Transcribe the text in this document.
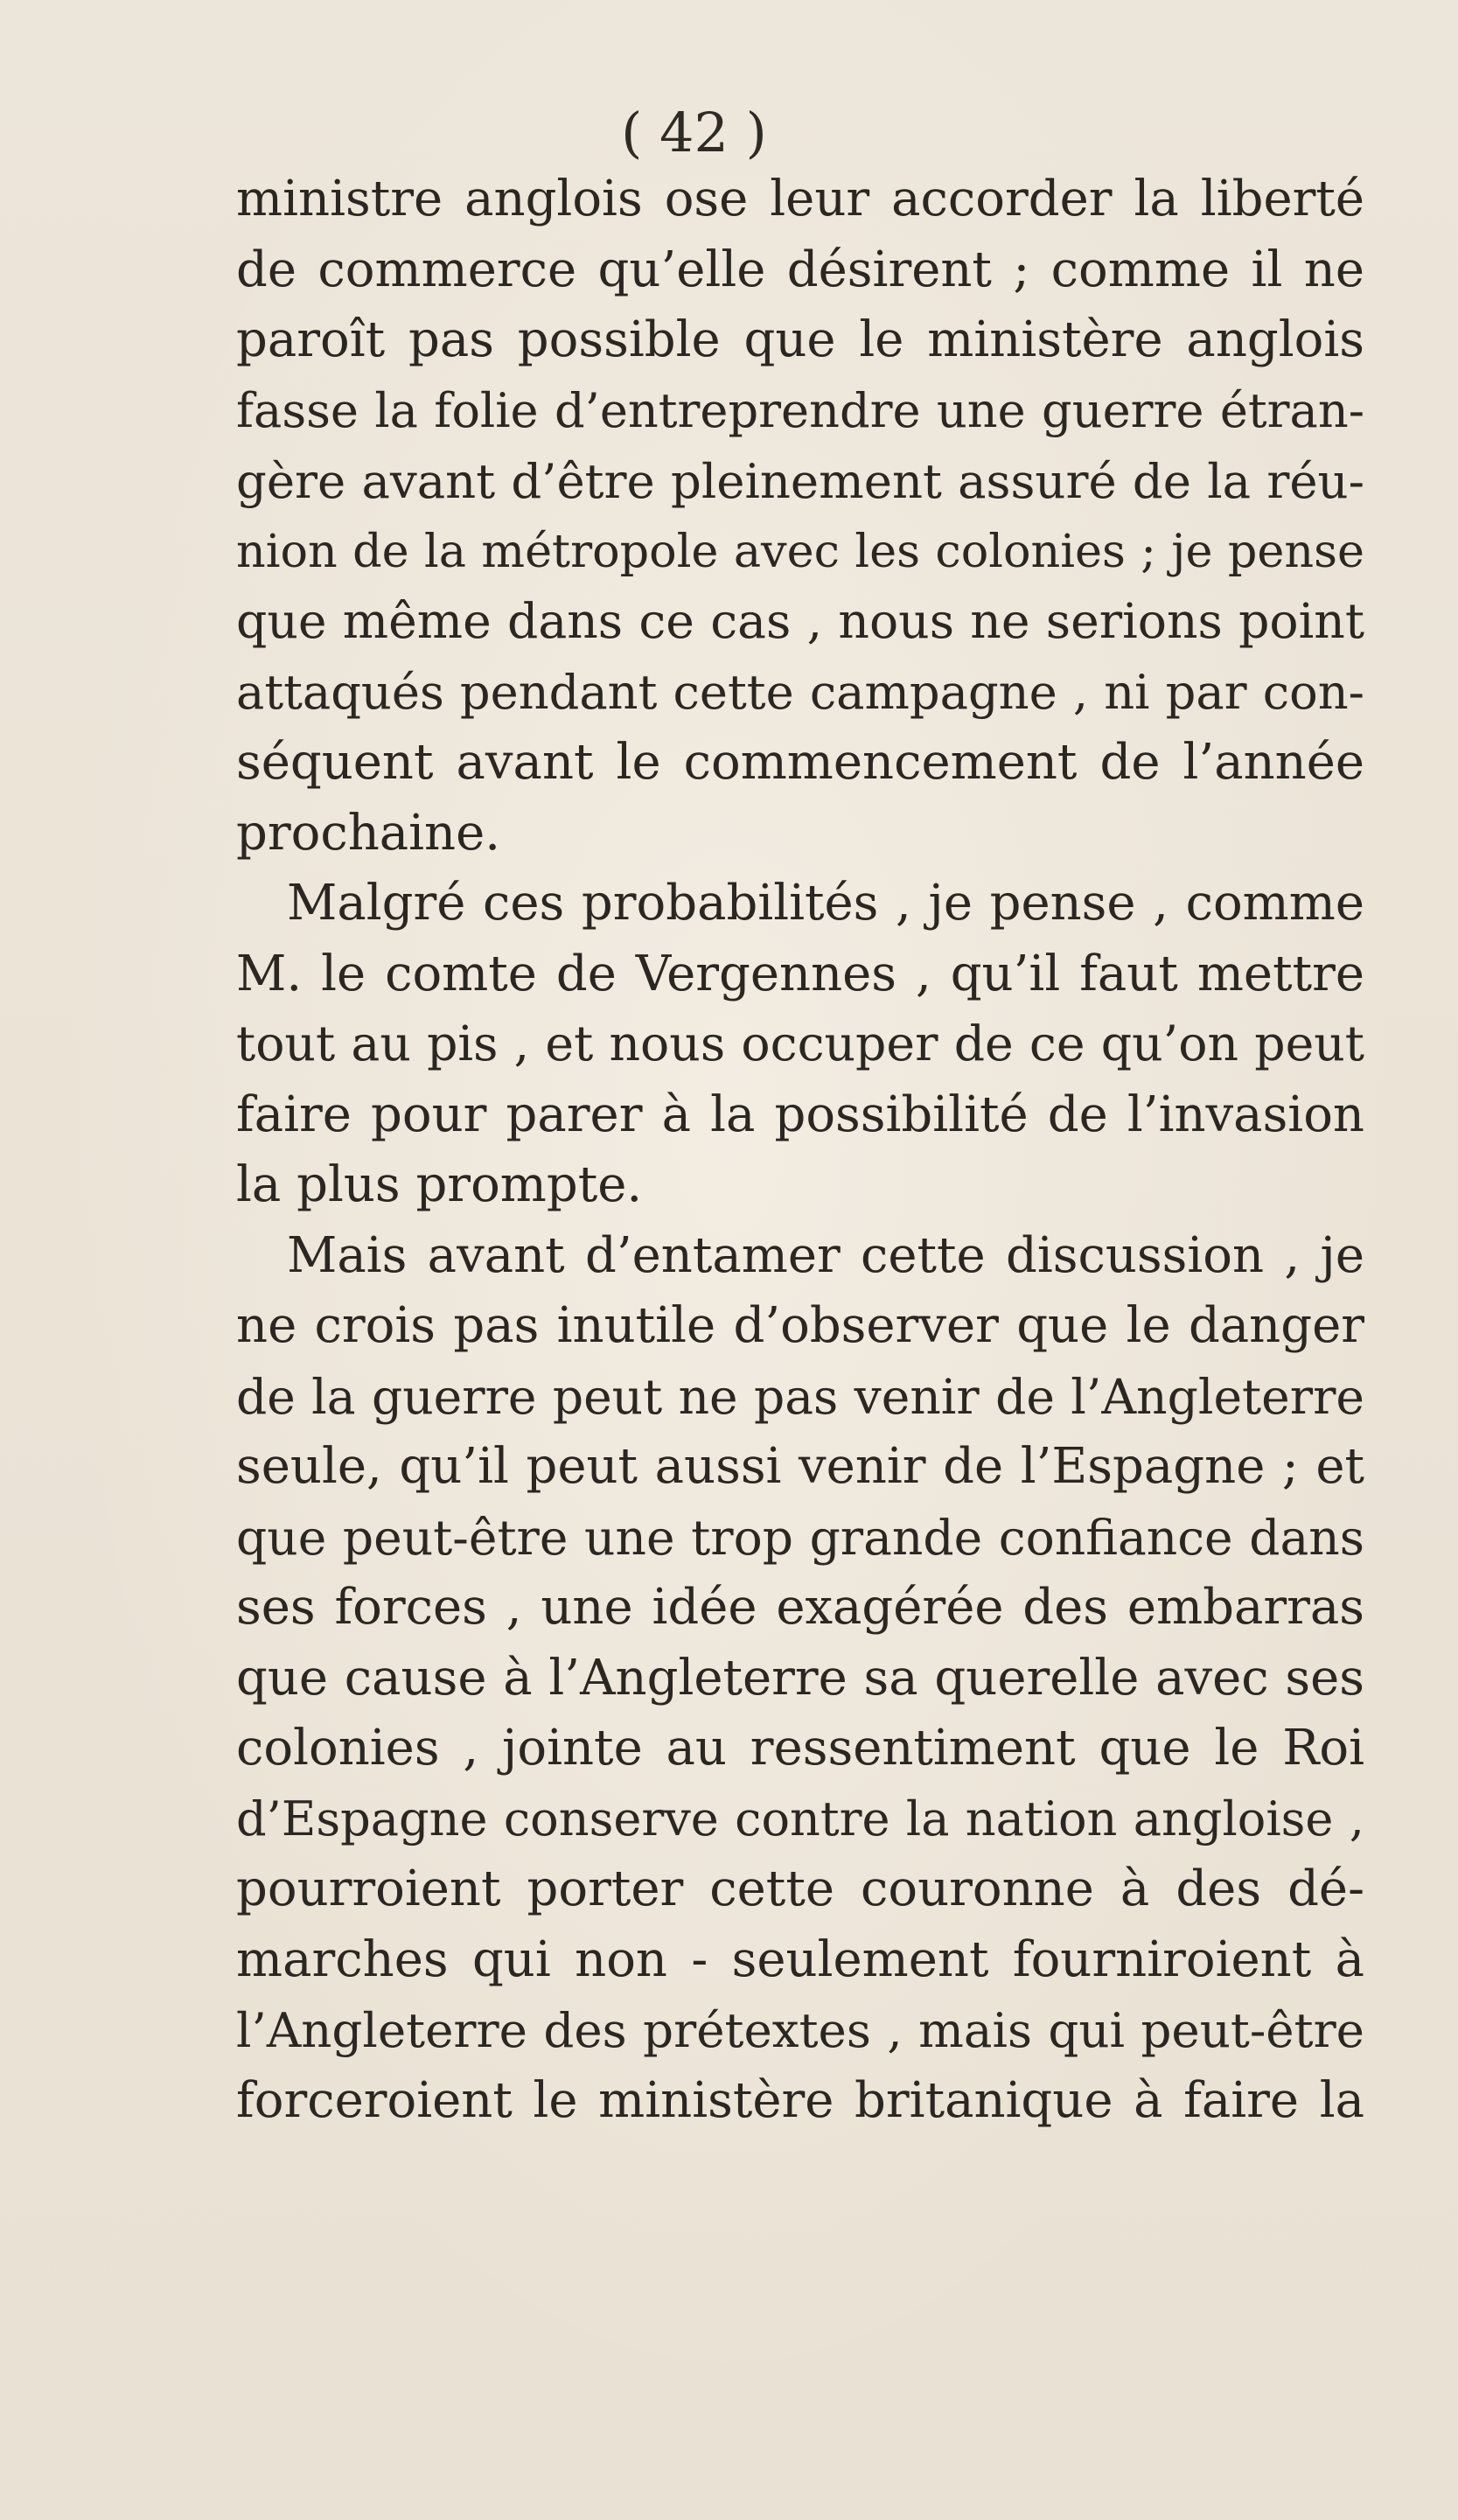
( 42 )
ministre anglois ose leur accorder la liberté
de commerce qu’elle désirent ; comme il ne
paroît pas possible que le ministère anglois
fasse la folie d’entreprendre une guerre étran-
gère avant d’être pleinement assuré de la réu-
nion de la métropole avec les colonies ; je pense
que même dans ce cas , nous ne serions point
attaqués pendant cette campagne , ni par con-
séquent avant le commencement de l’année
prochaine.
Malgré ces probabilités , je pense , comme
M. le comte de Vergennes , qu’il faut mettre
tout au pis , et nous occuper de ce qu’on peut
faire pour parer à la possibilité de l’invasion
la plus prompte.
Mais avant d’entamer cette discussion , je
ne crois pas inutile d’observer que le danger
de la guerre peut ne pas venir de l’Angleterre
seule, qu’il peut aussi venir de l’Espagne ; et
que peut-être une trop grande confiance dans
ses forces , une idée exagérée des embarras
que cause à l’Angleterre sa querelle avec ses
colonies , jointe au ressentiment que le Roi
d’Espagne conserve contre la nation angloise ,
pourroient porter cette couronne à des dé-
marches qui non - seulement fourniroient à
l’Angleterre des prétextes , mais qui peut-être
forceroient le ministère britanique à faire la
